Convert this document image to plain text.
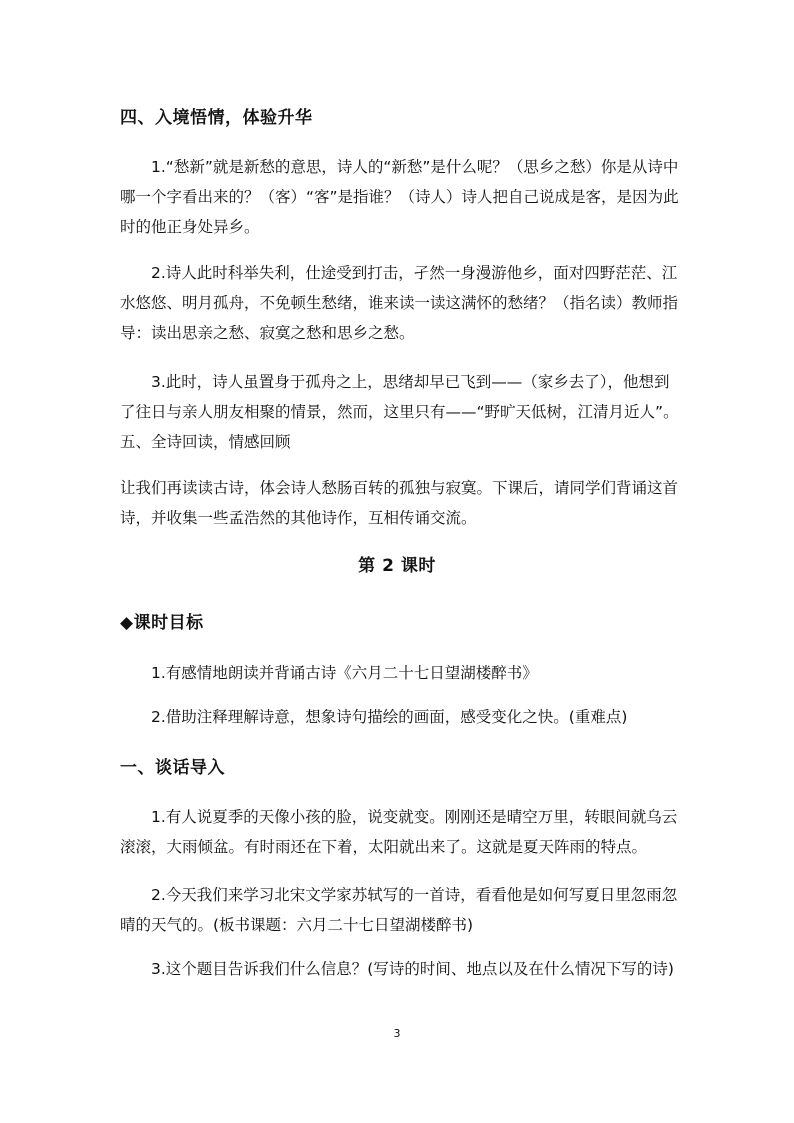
四、入境悟情，体验升华

1.“愁新”就是新愁的意思，诗人的“新愁”是什么呢？（思乡之愁）你是从诗中哪一个字看出来的？（客）“客”是指谁？（诗人）诗人把自己说成是客，是因为此时的他正身处异乡。

2.诗人此时科举失利，仕途受到打击，孑然一身漫游他乡，面对四野茫茫、江水悠悠、明月孤舟，不免顿生愁绪，谁来读一读这满怀的愁绪？（指名读）教师指导：读出思亲之愁、寂寞之愁和思乡之愁。

3.此时，诗人虽置身于孤舟之上，思绪却早已飞到——（家乡去了），他想到了往日与亲人朋友相聚的情景，然而，这里只有——“野旷天低树，江清月近人”。五、全诗回读，情感回顾

让我们再读读古诗，体会诗人愁肠百转的孤独与寂寞。下课后，请同学们背诵这首诗，并收集一些孟浩然的其他诗作，互相传诵交流。

第 2 课时
◆课时目标

1.有感情地朗读并背诵古诗《六月二十七日望湖楼醉书》

2.借助注释理解诗意，想象诗句描绘的画面，感受变化之快。(重难点)

一、谈话导入

1.有人说夏季的天像小孩的脸，说变就变。刚刚还是晴空万里，转眼间就乌云滚滚，大雨倾盆。有时雨还在下着，太阳就出来了。这就是夏天阵雨的特点。

2.今天我们来学习北宋文学家苏轼写的一首诗，看看他是如何写夏日里忽雨忽晴的天气的。(板书课题：六月二十七日望湖楼醉书)

3.这个题目告诉我们什么信息？(写诗的时间、地点以及在什么情况下写的诗)

3
